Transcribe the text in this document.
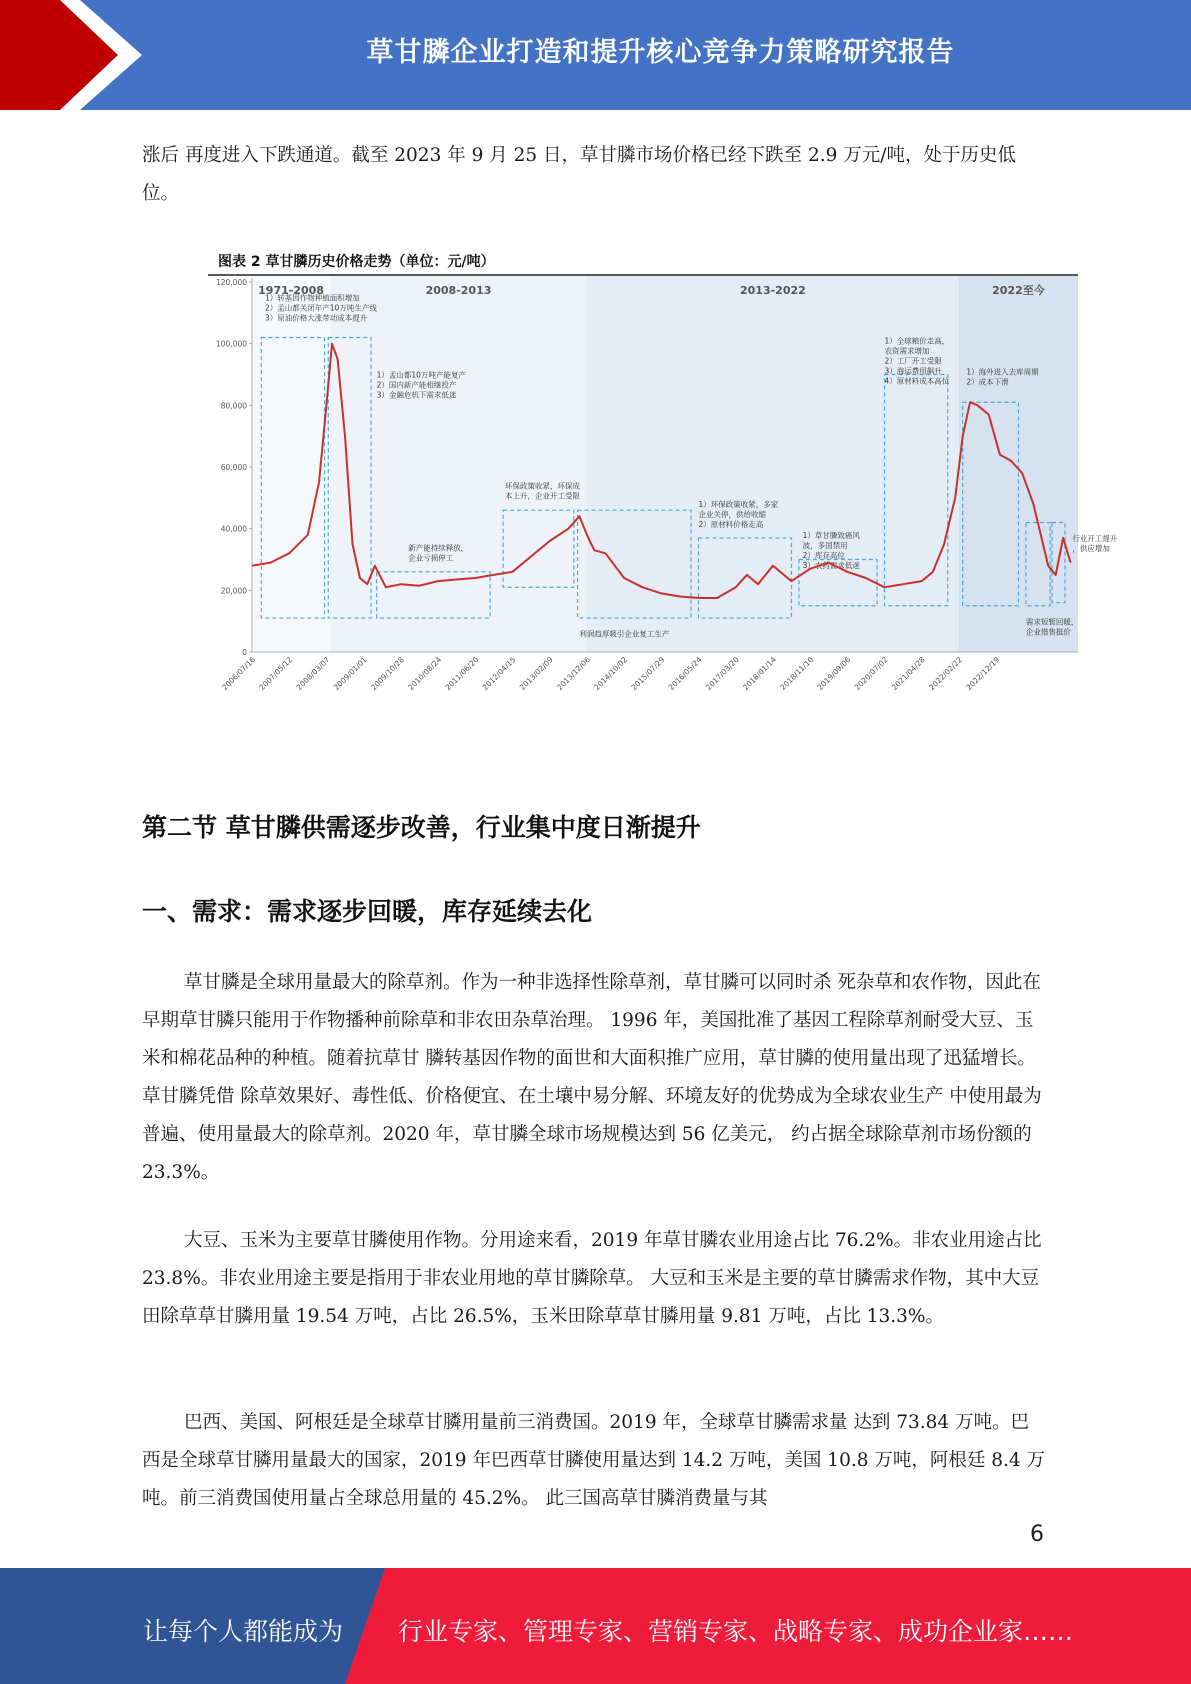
草甘膦企业打造和提升核心竞争力策略研究报告

涨后 再度进入下跌通道。截至 2023 年 9 月 25 日，草甘膦市场价格已经下跌至 2.9 万元/吨，处于历史低位。

图表 2 草甘膦历史价格走势（单位：元/吨）
1971-2008	2008-2013	2013-2022	2022至今
0
20,000
40,000
60,000
80,000
100,000
120,000
2006/07/16 2007/05/12 2008/03/07 2009/01/01 2009/10/28 2010/08/24 2011/06/20 2012/04/15 2013/02/09 2013/12/06 2014/10/02 2015/07/29 2016/05/24 2017/03/20 2018/01/14 2018/11/10 2019/09/06 2020/07/02 2021/04/28 2022/02/22 2022/12/19
1）转基因作物种植面积增加 2）孟山都关闭年产10万吨生产线 3）原油价格大涨带动成本提升
1）孟山都10万吨产能复产 2）国内新产能相继投产 3）金融危机下需求低迷
新产能持续释放，企业亏损停工
环保政策收紧，环保成本上升，企业开工受限
利润趋厚吸引企业复工生产
1）环保政策收紧，多家企业关停，供给收缩 2）原材料价格走高
1）草甘膦致癌风波，多国禁用 2）库存高位 3）农药需求低迷
1）全球粮价走高，农资需求增加 2）工厂开工受限 3）海运费用飙升 4）原材料成本高位
1）海外进入去库周期 2）成本下滑
需求短暂回暖，企业惜售挺价
行业开工提升，供应增加
第二节 草甘膦供需逐步改善，行业集中度日渐提升
一、需求：需求逐步回暖，库存延续去化

草甘膦是全球用量最大的除草剂。作为一种非选择性除草剂，草甘膦可以同时杀 死杂草和农作物，因此在早期草甘膦只能用于作物播种前除草和非农田杂草治理。 1996 年，美国批准了基因工程除草剂耐受大豆、玉米和棉花品种的种植。随着抗草甘 膦转基因作物的面世和大面积推广应用，草甘膦的使用量出现了迅猛增长。草甘膦凭借 除草效果好、毒性低、价格便宜、在土壤中易分解、环境友好的优势成为全球农业生产 中使用最为普遍、使用量最大的除草剂。2020 年，草甘膦全球市场规模达到 56 亿美元， 约占据全球除草剂市场份额的 23.3%。

大豆、玉米为主要草甘膦使用作物。分用途来看，2019 年草甘膦农业用途占比 76.2%。非农业用途占比 23.8%。非农业用途主要是指用于非农业用地的草甘膦除草。 大豆和玉米是主要的草甘膦需求作物，其中大豆田除草草甘膦用量 19.54 万吨，占比 26.5%，玉米田除草草甘膦用量 9.81 万吨，占比 13.3%。

巴西、美国、阿根廷是全球草甘膦用量前三消费国。2019 年，全球草甘膦需求量 达到 73.84 万吨。巴西是全球草甘膦用量最大的国家，2019 年巴西草甘膦使用量达到 14.2 万吨，美国 10.8 万吨，阿根廷 8.4 万吨。前三消费国使用量占全球总用量的 45.2%。 此三国高草甘膦消费量与其

6
让每个人都能成为 行业专家、管理专家、营销专家、战略专家、成功企业家……
